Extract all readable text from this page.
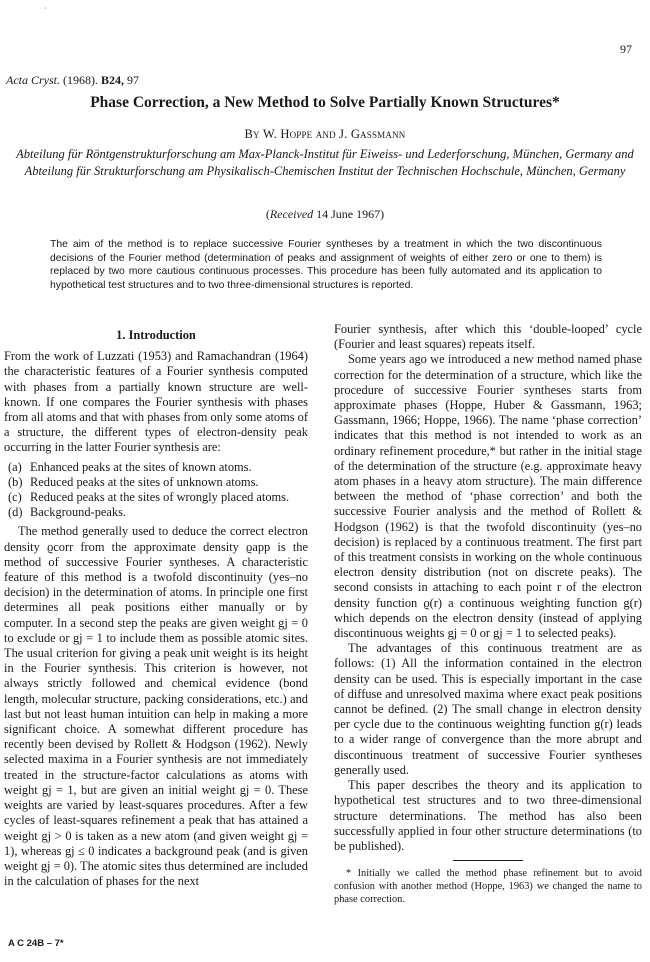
·
97
Acta Cryst. (1968). B24, 97
Phase Correction, a New Method to Solve Partially Known Structures*
By W. Hoppe and J. Gassmann
Abteilung für Röntgenstrukturforschung am Max-Planck-Institut für Eiweiss- und Lederforschung, München, Germany and Abteilung für Strukturforschung am Physikalisch-Chemischen Institut der Technischen Hochschule, München, Germany
(Received 14 June 1967)
The aim of the method is to replace successive Fourier syntheses by a treatment in which the two discontinuous decisions of the Fourier method (determination of peaks and assignment of weights of either zero or one to them) is replaced by two more cautious continuous processes. This procedure has been fully automated and its application to hypothetical test structures and to two three-dimensional structures is reported.

1. Introduction

From the work of Luzzati (1953) and Ramachandran (1964) the characteristic features of a Fourier synthesis computed with phases from a partially known structure are well-known. If one compares the Fourier synthesis with phases from all atoms and that with phases from only some atoms of a structure, the different types of electron-density peak occurring in the latter Fourier synthesis are:

(a) Enhanced peaks at the sites of known atoms.
(b) Reduced peaks at the sites of unknown atoms.
(c) Reduced peaks at the sites of wrongly placed atoms.
(d) Background-peaks.

The method generally used to deduce the correct electron density ϱcorr from the approximate density ϱapp is the method of successive Fourier syntheses. A characteristic feature of this method is a twofold discontinuity (yes–no decision) in the determination of atoms. In principle one first determines all peak positions either manually or by computer. In a second step the peaks are given weight gj = 0 to exclude or gj = 1 to include them as possible atomic sites. The usual criterion for giving a peak unit weight is its height in the Fourier synthesis. This criterion is however, not always strictly followed and chemical evidence (bond length, molecular structure, packing considerations, etc.) and last but not least human intuition can help in making a more significant choice. A somewhat different procedure has recently been devised by Rollett & Hodgson (1962). Newly selected maxima in a Fourier synthesis are not immediately treated in the structure-factor calculations as atoms with weight gj = 1, but are given an initial weight gj = 0. These weights are varied by least-squares procedures. After a few cycles of least-squares refinement a peak that has attained a weight gj > 0 is taken as a new atom (and given weight gj = 1), whereas gj ≤ 0 indicates a background peak (and is given weight gj = 0). The atomic sites thus determined are included in the calculation of phases for the next

Fourier synthesis, after which this ‘double-looped’ cycle (Fourier and least squares) repeats itself.

Some years ago we introduced a new method named phase correction for the determination of a structure, which like the procedure of successive Fourier syntheses starts from approximate phases (Hoppe, Huber & Gassmann, 1963; Gassmann, 1966; Hoppe, 1966). The name ‘phase correction’ indicates that this method is not intended to work as an ordinary refinement procedure,* but rather in the initial stage of the determination of the structure (e.g. approximate heavy atom phases in a heavy atom structure). The main difference between the method of ‘phase correction’ and both the successive Fourier analysis and the method of Rollett & Hodgson (1962) is that the twofold discontinuity (yes–no decision) is replaced by a continuous treatment. The first part of this treatment consists in working on the whole continuous electron density distribution (not on discrete peaks). The second consists in attaching to each point r of the electron density function ϱ(r) a continuous weighting function g(r) which depends on the electron density (instead of applying discontinuous weights gj = 0 or gj = 1 to selected peaks).

The advantages of this continuous treatment are as follows: (1) All the information contained in the electron density can be used. This is especially important in the case of diffuse and unresolved maxima where exact peak positions cannot be defined. (2) The small change in electron density per cycle due to the continuous weighting function g(r) leads to a wider range of convergence than the more abrupt and discontinuous treatment of successive Fourier syntheses generally used.

This paper describes the theory and its application to hypothetical test structures and to two three-dimensional structure determinations. The method has also been successfully applied in four other structure determinations (to be published).

* Initially we called the method phase refinement but to avoid confusion with another method (Hoppe, 1963) we changed the name to phase correction.

A C 24B – 7*
